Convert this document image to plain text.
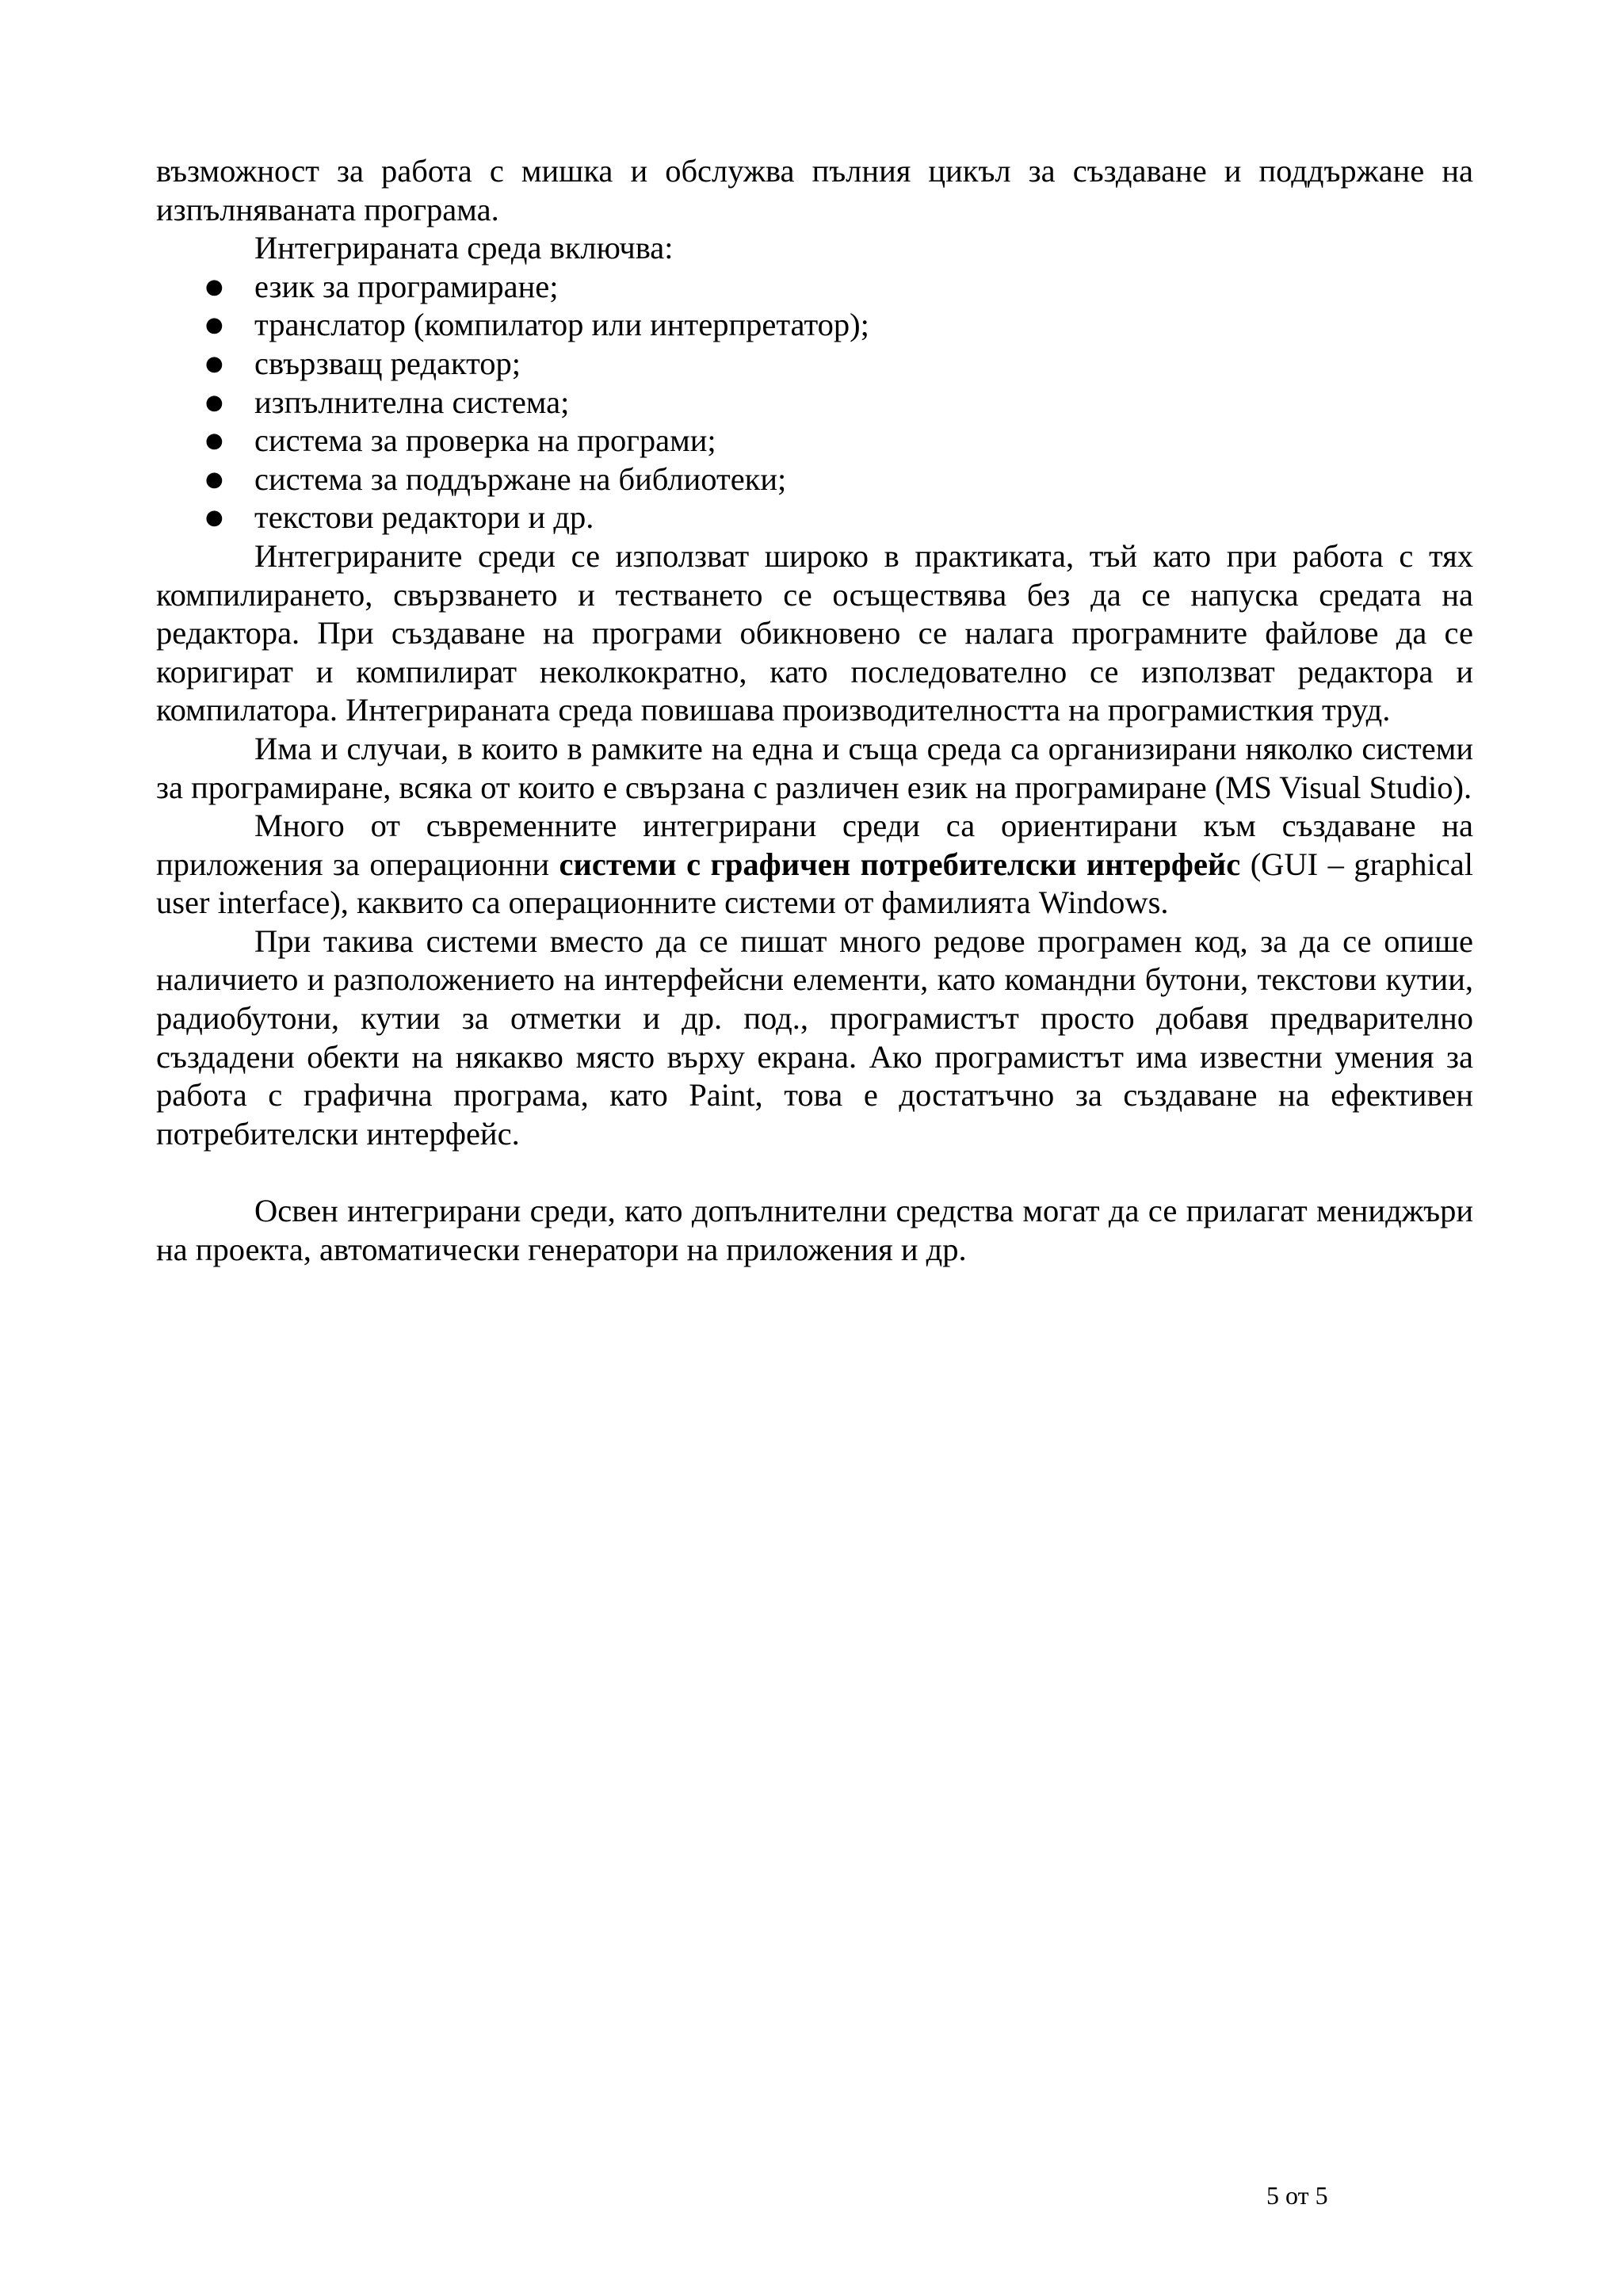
възможност за работа с мишка и обслужва пълния цикъл за създаване и поддържане на изпълняваната програма.

Интегрираната среда включва:

● език за програмиране;
● транслатор (компилатор или интерпретатор);
● свързващ редактор;
● изпълнителна система;
● система за проверка на програми;
● система за поддържане на библиотеки;
● текстови редактори и др.

Интегрираните среди се използват широко в практиката, тъй като при работа с тях компилирането, свързването и тестването се осъществява без да се напуска средата на редактора. При създаване на програми обикновено се налага програмните файлове да се коригират и компилират неколкократно, като последователно се използват редактора и компилатора. Интегрираната среда повишава производителността на програмисткия труд.

Има и случаи, в които в рамките на една и съща среда са организирани няколко системи за програмиране, всяка от които е свързана с различен език на програмиране (MS Visual Studio).

Много от съвременните интегрирани среди са ориентирани към създаване на приложения за операционни системи с графичен потребителски интерфейс (GUI – graphical user interface), каквито са операционните системи от фамилията Windows.

При такива системи вместо да се пишат много редове програмен код, за да се опише наличието и разположението на интерфейсни елементи, като командни бутони, текстови кутии, радиобутони, кутии за отметки и др. под., програмистът просто добавя предварително създадени обекти на някакво място върху екрана. Ако програмистът има известни умения за работа с графична програма, като Paint, това е достатъчно за създаване на ефективен потребителски интерфейс.

Освен интегрирани среди, като допълнителни средства могат да се прилагат мениджъри на проекта, автоматически генератори на приложения и др.

5 от 5
